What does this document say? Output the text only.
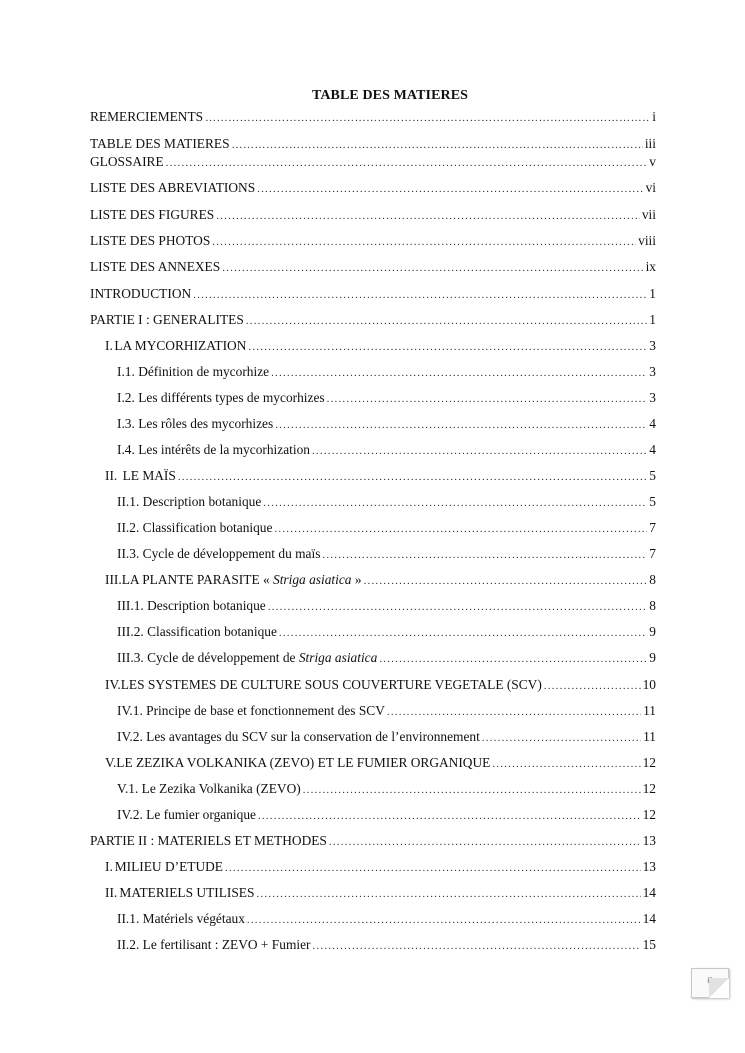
TABLE DES MATIERES
REMERCIEMENTS ………………………………………………………………………………………………………………………………………………………………	i
TABLE DES MATIERES ………………………………………………………………………………………………………………………………………………………………	iii
GLOSSAIRE .....	v
LISTE DES ABREVIATIONS .....	vi
LISTE DES FIGURES .....	vii
LISTE DES PHOTOS .....	viii
LISTE DES ANNEXES .....	ix
INTRODUCTION .....	1
PARTIE I : GENERALITES .....	1
I. LA MYCORHIZATION .....	3
I.1. Définition de mycorhize .....	3
I.2. Les différents types de mycorhizes .....	3
I.3. Les rôles des mycorhizes .....	4
I.4. Les intérêts de la mycorhization .....	4
II. LE MAÏS .....	5
II.1. Description botanique .....	5
II.2. Classification botanique .....	7
II.3. Cycle de développement du maïs .....	7
III. LA PLANTE PARASITE « Striga asiatica » .....	8
III.1. Description botanique .....	8
III.2. Classification botanique .....	9
III.3. Cycle de développement de Striga asiatica .....	9
IV. LES SYSTEMES DE CULTURE SOUS COUVERTURE VEGETALE (SCV) .....	10
IV.1. Principe de base et fonctionnement des SCV .....	11
IV.2. Les avantages du SCV sur la conservation de l’environnement .....	11
V. LE ZEZIKA VOLKANIKA (ZEVO) ET LE FUMIER ORGANIQUE .....	12
V.1. Le Zezika Volkanika (ZEVO) .....	12
IV.2. Le fumier organique .....	12
PARTIE II : MATERIELS ET METHODES .....	13
I. MILIEU D’ETUDE .....	13
II. MATERIELS UTILISES .....	14
II.1. Matériels végétaux .....	14
II.2. Le fertilisant : ZEVO + Fumier .....	15
iii
